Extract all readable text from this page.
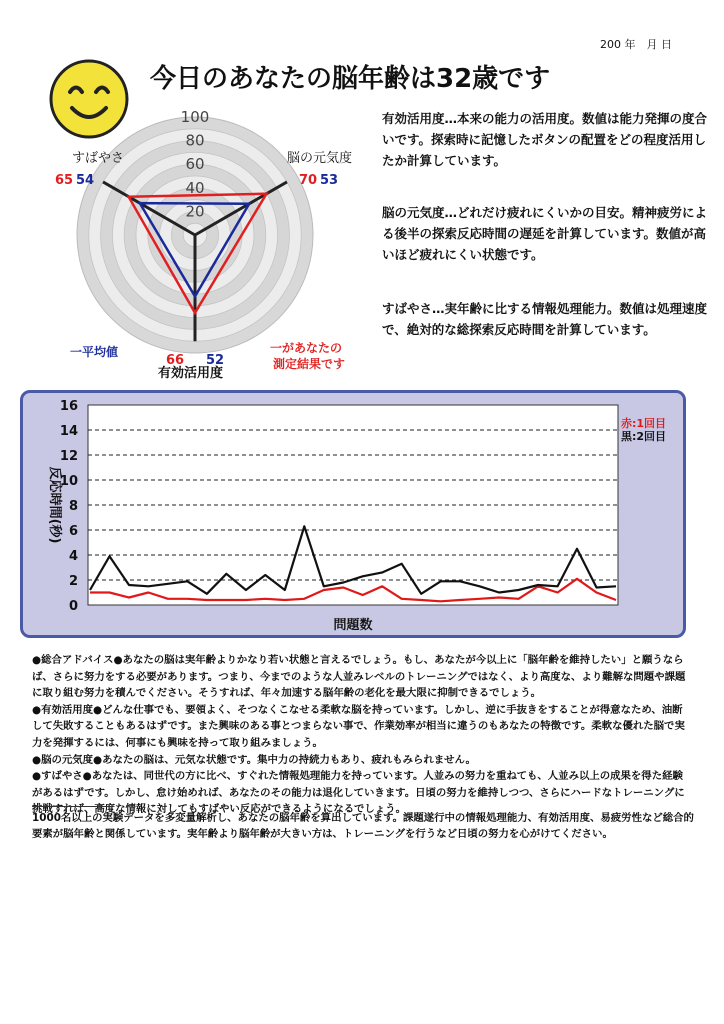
200 年　月 日
今日のあなたの脳年齢は32歳です
20
40
60
80
100
すばやさ	脳の元気度
有効活用度
65 54	70 53
66 52
一平均値	一があなたの
測定結果です

有効活用度…本来の能力の活用度。数値は能力発揮の度合いです。探索時に記憶したボタンの配置をどの程度活用したか計算しています。

脳の元気度…どれだけ疲れにくいかの目安。精神疲労による後半の探索反応時間の遅延を計算しています。数値が高いほど疲れにくい状態です。

すばやさ…実年齢に比する情報処理能力。数値は処理速度で、絶対的な総探索反応時間を計算しています。

0
2
4
6
8
10
12
14
16
反応時間(秒)
問題数
赤:1回目
黒:2回目

●総合アドバイス●あなたの脳は実年齢よりかなり若い状態と言えるでしょう。もし、あなたが今以上に「脳年齢を維持したい」と願うならば、さらに努力をする必要があります。つまり、今までのような人並みレベルのトレーニングではなく、より高度な、より難解な問題や課題に取り組む努力を積んでください。そうすれば、年々加速する脳年齢の老化を最大限に抑制できるでしょう。

●有効活用度●どんな仕事でも、要領よく、そつなくこなせる柔軟な脳を持っています。しかし、逆に手抜きをすることが得意なため、油断して失敗することもあるはずです。また興味のある事とつまらない事で、作業効率が相当に違うのもあなたの特徴です。柔軟な優れた脳で実力を発揮するには、何事にも興味を持って取り組みましょう。

●脳の元気度●あなたの脳は、元気な状態です。集中力の持続力もあり、疲れもみられません。

●すばやさ●あなたは、同世代の方に比べ、すぐれた情報処理能力を持っています。人並みの努力を重ねても、人並み以上の成果を得た経験があるはずです。しかし、怠け始めれば、あなたのその能力は退化していきます。日頃の努力を維持しつつ、さらにハードなトレーニングに挑戦すれば、高度な情報に対してもすばやい反応ができるようになるでしょう。

1000名以上の実験データを多変量解析し、あなたの脳年齢を算出しています。課題遂行中の情報処理能力、有効活用度、易疲労性など総合的要素が脳年齢と関係しています。実年齢より脳年齢が大きい方は、トレーニングを行うなど日頃の努力を心がけてください。
